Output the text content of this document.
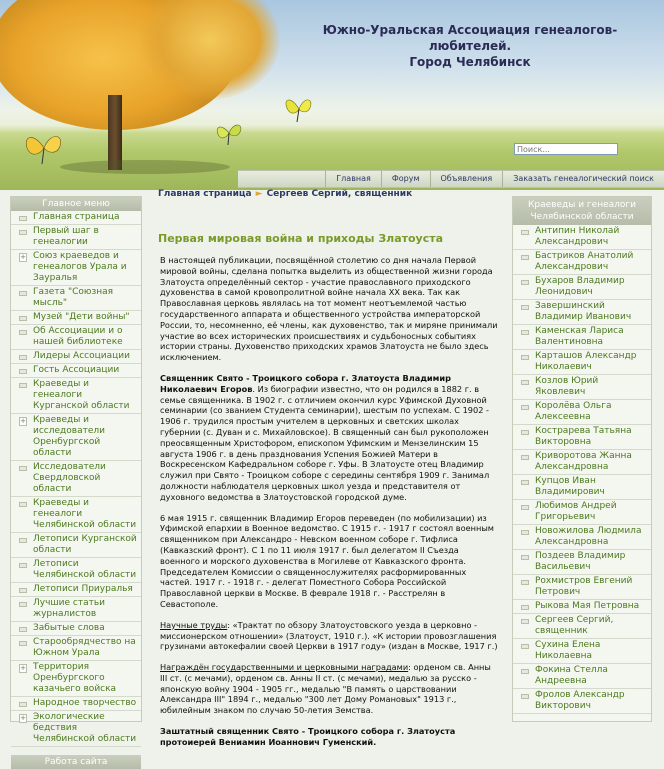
Южно-Уральская Ассоциация генеалогов-любителей.
Город Челябинск
Поиск...
Главная	Форум	Объявления	Заказать генеалогический поиск
Главное меню
Главная страница
Первый шаг в генеалогии
+ Союз краеведов и генеалогов Урала и Зауралья
Газета "Союзная мысль"
Музей "Дети войны"
Об Ассоциации и о нашей библиотеке
Лидеры Ассоциации
Гость Ассоциации
Краеведы и генеалоги Курганской области
+ Краеведы и исследователи Оренбургской области
Исследователи Свердловской области
Краеведы и генеалоги Челябинской области
Летописи Курганской области
Летописи Челябинской области
Летописи Приуралья
Лучшие статьи журналистов
Забытые слова
Старообрядчество на Южном Урала
+ Территория Оренбургского казачьего войска
Народное творчество
+ Экологические бедствия Челябинской области
Работа сайта
Главная страница ► Сергеев Сергий, священник
Первая мировая война и приходы Златоуста

В настоящей публикации, посвящённой столетию со дня начала Первой мировой войны, сделана попытка выделить из общественной жизни города Златоуста определённый сектор - участие православного приходского духовенства в самой кровопролитной войне начала XX века. Так как Православная церковь являлась на тот момент неотъемлемой частью государственного аппарата и общественного устройства императорской России, то, несомненно, её члены, как духовенство, так и миряне принимали участие во всех исторических происшествиях и судьбоносных событиях истории страны. Духовенство приходских храмов Златоуста не было здесь исключением.

Священник Свято - Троицкого собора г. Златоуста Владимир Николаевич Егоров. Из биографии известно, что он родился в 1882 г. в семье священника. В 1902 г. с отличием окончил курс Уфимской Духовной семинарии (со званием Студента семинарии), шестым по успехам. С 1902 - 1906 г. трудился простым учителем в церковных и светских школах губернии (с. Дуван и с. Михайловское). В священный сан был рукоположен преосвященным Христофором, епископом Уфимским и Мензелинским 15 августа 1906 г. в день празднования Успения Божией Матери в Воскресенском Кафедральном соборе г. Уфы. В Златоусте отец Владимир служил при Свято - Троицком соборе с середины сентября 1909 г. Занимал должности наблюдателя церковных школ уезда и представителя от духовного ведомства в Златоустовской городской думе.

6 мая 1915 г. священник Владимир Егоров переведен (по мобилизации) из Уфимской епархии в Военное ведомство. С 1915 г. - 1917 г состоял военным священником при Александро - Невском военном соборе г. Тифлиса (Кавказский фронт). С 1 по 11 июля 1917 г. был делегатом II Съезда военного и морского духовенства в Могилеве от Кавказского фронта. Председателем Комиссии о священнослужителях расформированных частей. 1917 г. - 1918 г. - делегат Поместного Собора Российской Православной церкви в Москве. В феврале 1918 г. - Расстрелян в Севастополе.

Научные труды: «Трактат по обзору Златоустовского уезда в церковно - миссионерском отношении» (Златоуст, 1910 г.). «К истории провозглашения грузинами автокефалии своей Церкви в 1917 году» (издан в Москве, 1917 г.)

Награждён государственными и церковными наградами: орденом св. Анны III ст. (с мечами), орденом св. Анны II ст. (с мечами), медалью за русско - японскую войну 1904 - 1905 гг., медалью "В память о царствовании Александра III" 1894 г., медалью "300 лет Дому Романовых" 1913 г., юбилейным знаком по случаю 50-летия Земства.

Заштатный священник Свято - Троицкого собора г. Златоуста протоиерей Вениамин Иоаннович Гуменский.

Краеведы и генеалоги Челябинской области
Антипин Николай Александрович
Бастриков Анатолий Александрович
Бухаров Владимир Леонидович
Завершинский Владимир Иванович
Каменская Лариса Валентиновна
Карташов Александр Николаевич
Козлов Юрий Яковлевич
Королёва Ольга Алексеевна
Кострарева Татьяна Викторовна
Криворотова Жанна Александровна
Купцов Иван Владимирович
Любимов Андрей Григорьевич
Новожилова Людмила Александровна
Поздеев Владимир Васильевич
Рохмистров Евгений Петрович
Рыкова Мая Петровна
Сергеев Сергий, священник
Сухина Елена Николаевна
Фокина Стелла Андреевна
Фролов Александр Викторович
